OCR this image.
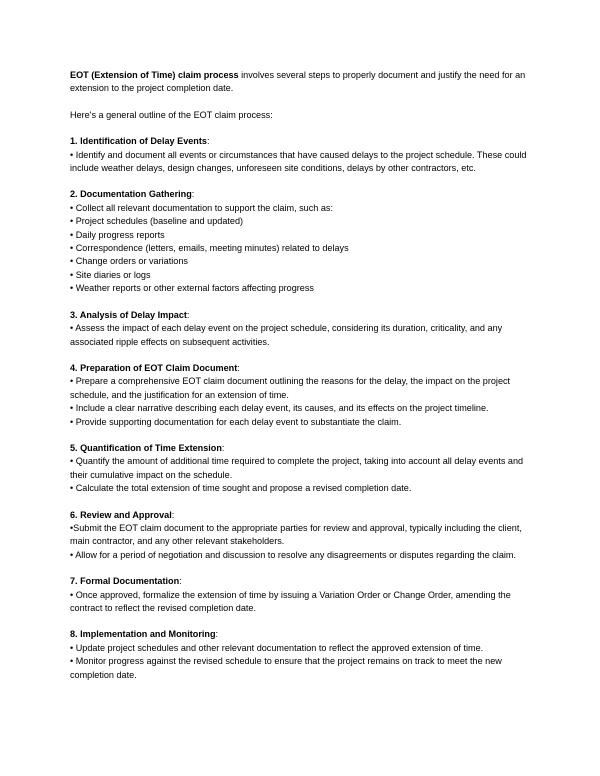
EOT (Extension of Time) claim process involves several steps to properly document and justify the need for an extension to the project completion date.

Here's a general outline of the EOT claim process:

1. Identification of Delay Events:

• Identify and document all events or circumstances that have caused delays to the project schedule. These could include weather delays, design changes, unforeseen site conditions, delays by other contractors, etc.

2. Documentation Gathering:

• Collect all relevant documentation to support the claim, such as:

• Project schedules (baseline and updated)

• Daily progress reports

• Correspondence (letters, emails, meeting minutes) related to delays

• Change orders or variations

• Site diaries or logs

• Weather reports or other external factors affecting progress

3. Analysis of Delay Impact:

• Assess the impact of each delay event on the project schedule, considering its duration, criticality, and any associated ripple effects on subsequent activities.

4. Preparation of EOT Claim Document:

• Prepare a comprehensive EOT claim document outlining the reasons for the delay, the impact on the project schedule, and the justification for an extension of time.

• Include a clear narrative describing each delay event, its causes, and its effects on the project timeline.

• Provide supporting documentation for each delay event to substantiate the claim.

5. Quantification of Time Extension:

• Quantify the amount of additional time required to complete the project, taking into account all delay events and their cumulative impact on the schedule.

• Calculate the total extension of time sought and propose a revised completion date.

6. Review and Approval:

•Submit the EOT claim document to the appropriate parties for review and approval, typically including the client, main contractor, and any other relevant stakeholders.

• Allow for a period of negotiation and discussion to resolve any disagreements or disputes regarding the claim.

7. Formal Documentation:

• Once approved, formalize the extension of time by issuing a Variation Order or Change Order, amending the contract to reflect the revised completion date.

8. Implementation and Monitoring:

• Update project schedules and other relevant documentation to reflect the approved extension of time.

• Monitor progress against the revised schedule to ensure that the project remains on track to meet the new completion date.
